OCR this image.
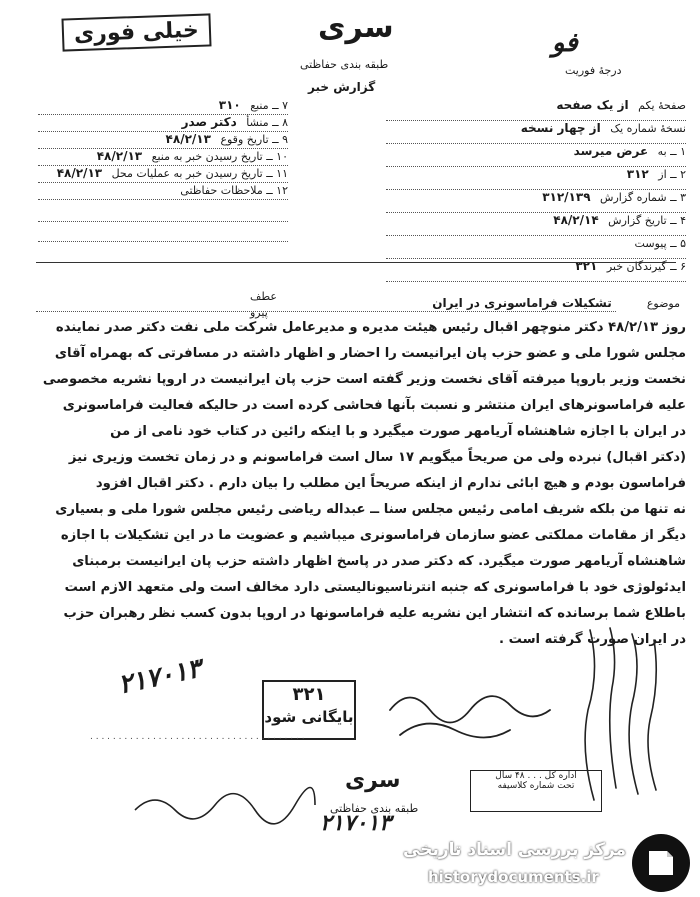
خیلی فوری	سری
طبقه بندی حفاظتی
گزارش خبر
ﻓﻮ
درجهٔ فوریت
صفحهٔ یکم از یک صفحه
نسخهٔ شماره یک از چهار نسخه
۱ ــ به عرض میرسد
۲ ــ از ۳۱۲
۳ ــ شماره گزارش ۳۱۲/۱۳۹
۴ ــ تاریخ گزارش ۴۸/۲/۱۴
۵ ــ پیوست
۶ ــ گیرندگان خبر ۳۲۱
۷ ــ منبع ۳۱۰
۸ ــ منشأ دکتر صدر
۹ ــ تاریخ وقوع ۴۸/۲/۱۳
۱۰ ــ تاریخ رسیدن خبر به منبع ۴۸/۲/۱۳
۱۱ ــ تاریخ رسیدن خبر به عملیات محل ۴۸/۲/۱۳
۱۲ ــ ملاحظات حفاظتی
عطف
پیرو
موضوع تشکیلات فراماسونری در ایران
روز ۴۸/۲/۱۳ دکتر منوچهر اقبال رئیس هیئت مدیره و مدیرعامل شرکت ملی نفت دکتر صدر نماینده
مجلس شورا ملی و عضو حزب پان ایرانیست را احضار و اظهار داشته در مسافرتی که بهمراه آقای
نخست وزیر باروپا میرفته آقای نخست وزیر گفته است حزب پان ایرانیست در اروپا نشریه مخصوصی
علیه فراماسونرهای ایران منتشر و نسبت بآنها فحاشی کرده است در حالیکه فعالیت فراماسونری
در ایران با اجازه شاهنشاه آریامهر صورت میگیرد و با اینکه رائین در کتاب خود نامی از من
(دکتر اقبال) نبرده ولی من صریحاً میگویم ۱۷ سال است فراماسونم و در زمان تخست وزیری نیز
فراماسون بودم و هیچ ابائی ندارم از اینکه صریحاً این مطلب را بیان دارم . دکتر اقبال افزود
نه تنها من بلکه شریف امامی رئیس مجلس سنا ــ عبداله ریاضی رئیس مجلس شورا ملی و بسیاری
دیگر از مقامات مملکتی عضو سازمان فراماسونری میباشیم و عضویت ما در این تشکیلات با اجازه
شاهنشاه آریامهر صورت میگیرد. که دکتر صدر در پاسخ اظهار داشته حزب پان ایرانیست برمبنای
ایدئولوژی خود با فراماسونری که جنبه انترناسیونالیستی دارد مخالف است ولی متعهد الازم است
باطلاع شما برسانده که انتشار این نشریه علیه فراماسونها در اروپا بدون کسب نظر رهبران حزب
در ایران صورت گرفته است .
۲۱۷۰۱۳	۳۲۱
بایگانی شود
. . . . . . . . . . . . . . . . . . . . . . . . . . . . . . . . . . . . . .
اداره کل . . . ۴۸ سال
تحت شماره کلاسیفه
سری
طبقه بندی حفاظتی
۲۱۷۰۱۳
مرکز بررسی اسناد تاریخی
historydocuments.ir
